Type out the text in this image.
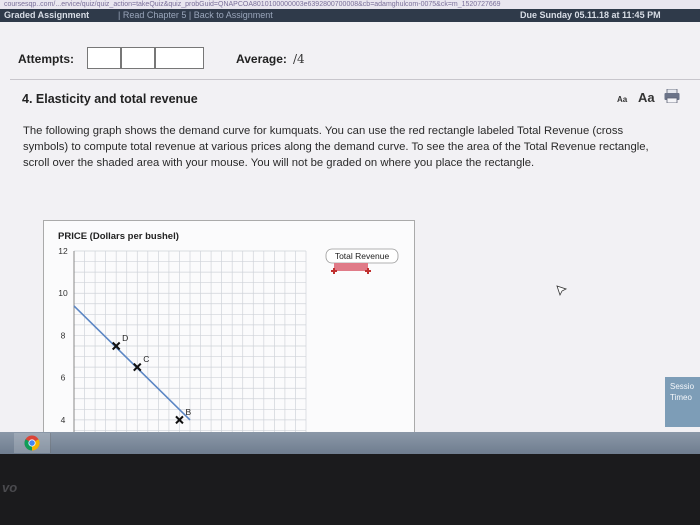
coursesqp..com/...ervice/quiz/quiz_action=takeQuiz&quiz_probGuid=QNAPCOA8010100000003e6392800700008&cb=adamghulcom-0075&ck=m_1520727669
Graded Assignment	| Read Chapter 5 | Back to Assignment	Due Sunday 05.11.18 at 11:45 PM
Attempts:	Average: /4
4. Elasticity and total revenue	Aa Aa
The following graph shows the demand curve for kumquats. You can use the red rectangle labeled Total Revenue (cross symbols) to compute total revenue at various prices along the demand curve. To see the area of the Total Revenue rectangle, scroll over the shaded area with your mouse. You will not be graded on where you place the rectangle.
PRICE (Dollars per bushel)
12
10
8
6
4
D
C
B
Total Revenue
Sessio
Timeo
vo
